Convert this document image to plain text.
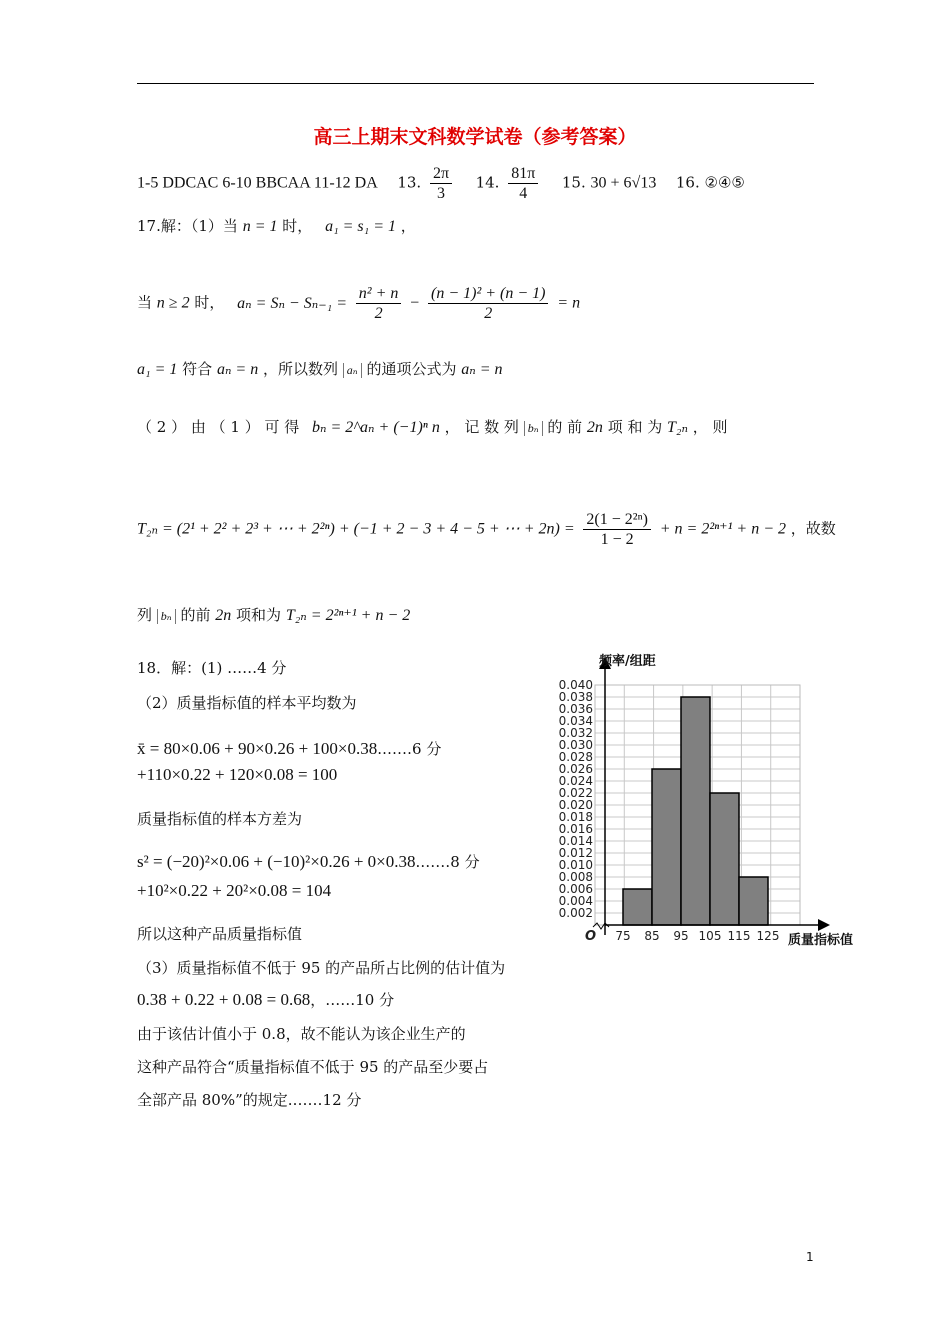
高三上期末文科数学试卷（参考答案）
1-5 DDCAC 6-10 BBCAA 11-12 DA 13. $\frac{2\pi}{3} 14$. $\frac{81\pi}{4} 15$. 30 + 6√13 16. ②④⑤
17.解：（1）当 n = 1 时， a₁ = s₁ = 1 ，
当 n ≥ 2 时， $a_n = S_n - S_{n-1} = \frac{\text{n² + n}}{2} - \frac{\text{(n − 1)² + (n − 1)}}{2} = n$
a₁ = 1 符合 aₙ = n ，所以数列 aₙ 的通项公式为 aₙ = n
（ 2 ） 由 （ 1 ） 可 得 bₙ = 2^aₙ + (−1)ⁿ n ， 记 数 列 bₙ 的 前 2n 项 和 为 T₂ₙ ， 则
T₂ₙ = (2¹ + 2² + 2³ + ⋯ + 2²ⁿ) + (−1 + 2 − 3 + 4 − 5 + ⋯ + $2n) = \frac{\text{2(1 − 2²ⁿ)}}{1 - 2} + n = 2^{2n+1} + n - 2$ ，故数
列 bₙ 的前 2n 项和为 T₂ₙ = 2²ⁿ⁺¹ + n − 2
18．解：(1) ……4 分
（2）质量指标值的样本平均数为
x̄ = 80×0.06 + 90×0.26 + 100×0.38.……6 分
+110×0.22 + 120×0.08 = 100
质量指标值的样本方差为
s² = (−20)²×0.06 + (−10)²×0.26 + 0×0.38.……8 分
+10²×0.22 + 20²×0.08 = 104
所以这种产品质量指标值
（3）质量指标值不低于 95 的产品所占比例的估计值为
0.38 + 0.22 + 0.08 = 0.68，……10 分
由于该估计值小于 0.8，故不能认为该企业生产的
这种产品符合“质量指标值不低于 95 的产品至少要占
全部产品 80%”的规定.……12 分
0.002
0.004
0.006
0.008
0.010
0.012
0.014
0.016
0.018
0.020
0.022
0.024
0.026
0.028
0.030
0.032
0.034
0.036
0.038
0.040
75 85 95 105 115 125
O
频率/组距
质量指标值
1
